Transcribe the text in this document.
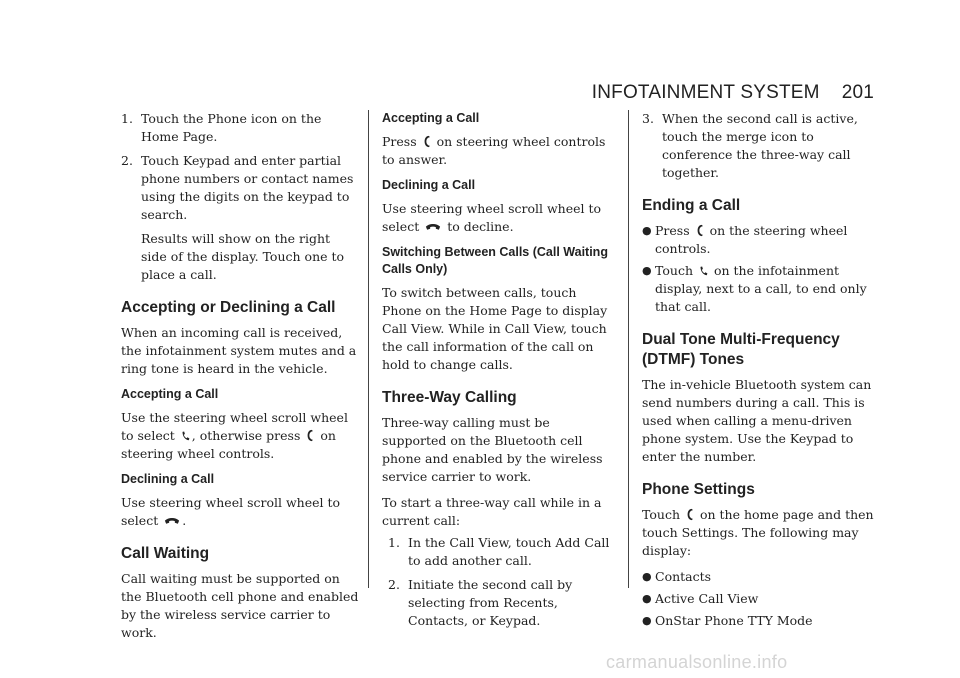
INFOTAINMENT SYSTEM 201
1. Touch the Phone icon on the Home Page.
2. Touch Keypad and enter partial phone numbers or contact names using the digits on the keypad to search.

Results will show on the right side of the display. Touch one to place a call.

Accepting or Declining a Call

When an incoming call is received, the infotainment system mutes and a ring tone is heard in the vehicle.

Accepting a Call

Use the steering wheel scroll wheel to select , otherwise press on steering wheel controls.

Declining a Call

Use steering wheel scroll wheel to select .

Call Waiting

Call waiting must be supported on the Bluetooth cell phone and enabled by the wireless service carrier to work.

Accepting a Call

Press on steering wheel controls to answer.

Declining a Call

Use steering wheel scroll wheel to select to decline.

Switching Between Calls (Call Waiting Calls Only)

To switch between calls, touch Phone on the Home Page to display Call View. While in Call View, touch the call information of the call on hold to change calls.

Three-Way Calling

Three-way calling must be supported on the Bluetooth cell phone and enabled by the wireless service carrier to work.

To start a three-way call while in a current call:

1. In the Call View, touch Add Call to add another call.
2. Initiate the second call by selecting from Recents, Contacts, or Keypad.
3. When the second call is active, touch the merge icon to conference the three-way call together.
Ending a Call
● Press on the steering wheel controls.
● Touch on the infotainment display, next to a call, to end only that call.
Dual Tone Multi-Frequency (DTMF) Tones

The in-vehicle Bluetooth system can send numbers during a call. This is used when calling a menu-driven phone system. Use the Keypad to enter the number.

Phone Settings

Touch on the home page and then touch Settings. The following may display:

● Contacts
● Active Call View
● OnStar Phone TTY Mode
carmanualsonline.info
